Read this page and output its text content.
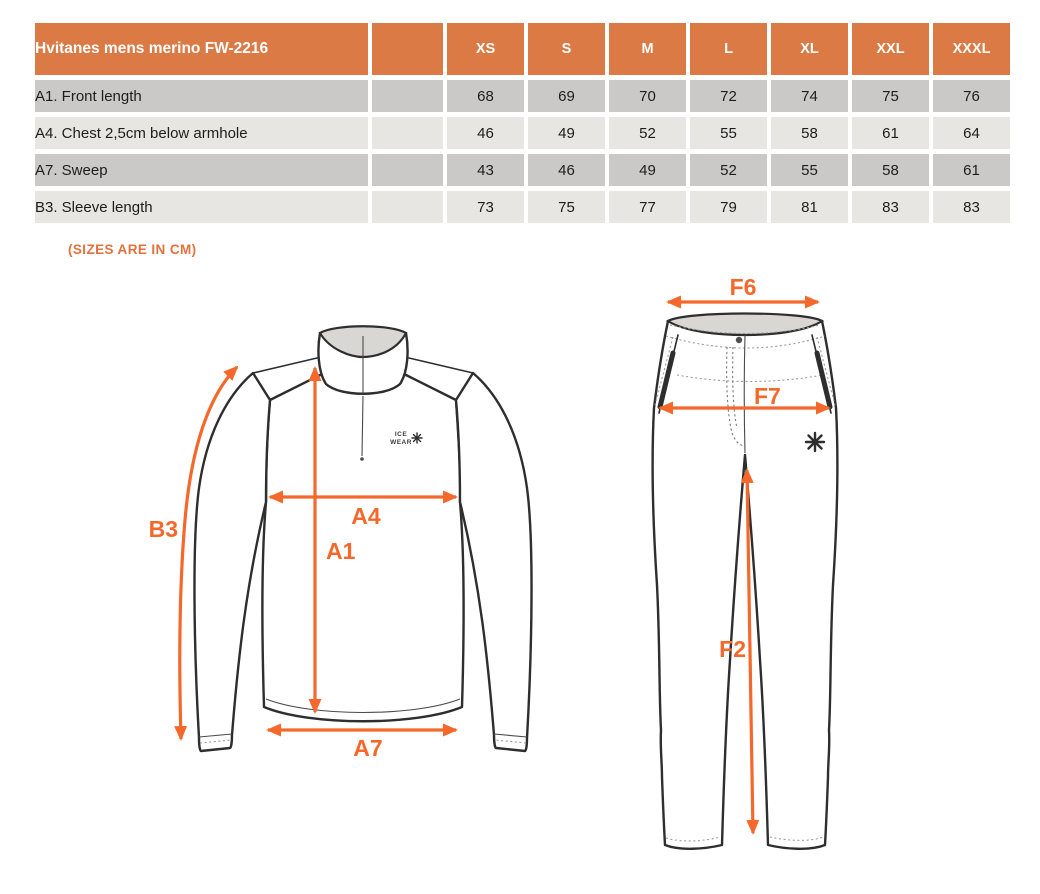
Hvitanes mens merino FW-2216		XS	S	M	L	XL	XXL	XXXL
A1. Front length		68	69	70	72	74	75	76
A4. Chest 2,5cm below armhole		46	49	52	55	58	61	64
A7. Sweep		43	46	49	52	55	58	61
B3. Sleeve length		73	75	77	79	81	83	83
(SIZES ARE IN CM)
ICE
WEAR
B3	A4
A1
A7
F6
F7
F2
